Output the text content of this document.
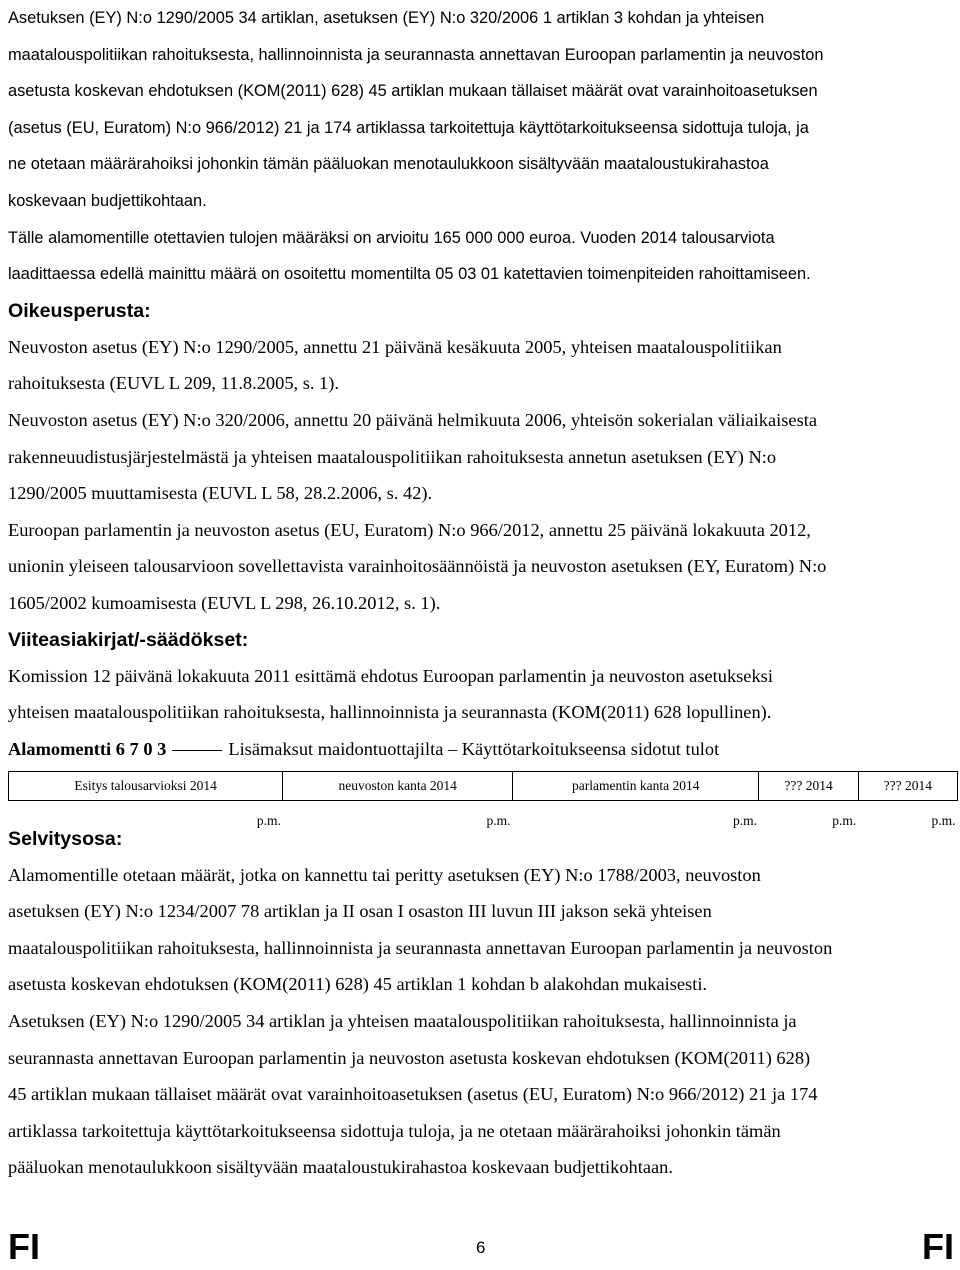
Asetuksen (EY) N:o 1290/2005 34 artiklan, asetuksen (EY) N:o 320/2006 1 artiklan 3 kohdan ja yhteisen

maatalouspolitiikan rahoituksesta, hallinnoinnista ja seurannasta annettavan Euroopan parlamentin ja neuvoston

asetusta koskevan ehdotuksen (KOM(2011) 628) 45 artiklan mukaan tällaiset määrät ovat varainhoitoasetuksen

(asetus (EU, Euratom) N:o 966/2012) 21 ja 174 artiklassa tarkoitettuja käyttötarkoitukseensa sidottuja tuloja, ja

ne otetaan määrärahoiksi johonkin tämän pääluokan menotaulukkoon sisältyvään maataloustukirahastoa

koskevaan budjettikohtaan.

Tälle alamomentille otettavien tulojen määräksi on arvioitu 165 000 000 euroa. Vuoden 2014 talousarviota

laadittaessa edellä mainittu määrä on osoitettu momentilta 05 03 01 katettavien toimenpiteiden rahoittamiseen.

Oikeusperusta:

Neuvoston asetus (EY) N:o 1290/2005, annettu 21 päivänä kesäkuuta 2005, yhteisen maatalouspolitiikan

rahoituksesta (EUVL L 209, 11.8.2005, s. 1).

Neuvoston asetus (EY) N:o 320/2006, annettu 20 päivänä helmikuuta 2006, yhteisön sokerialan väliaikaisesta

rakenneuudistusjärjestelmästä ja yhteisen maatalouspolitiikan rahoituksesta annetun asetuksen (EY) N:o

1290/2005 muuttamisesta (EUVL L 58, 28.2.2006, s. 42).

Euroopan parlamentin ja neuvoston asetus (EU, Euratom) N:o 966/2012, annettu 25 päivänä lokakuuta 2012,

unionin yleiseen talousarvioon sovellettavista varainhoitosäännöistä ja neuvoston asetuksen (EY, Euratom) N:o

1605/2002 kumoamisesta (EUVL L 298, 26.10.2012, s. 1).

Viiteasiakirjat/-säädökset:

Komission 12 päivänä lokakuuta 2011 esittämä ehdotus Euroopan parlamentin ja neuvoston asetukseksi

yhteisen maatalouspolitiikan rahoituksesta, hallinnoinnista ja seurannasta (KOM(2011) 628 lopullinen).

Alamomentti 6 7 0 3	Lisämaksut maidontuottajilta – Käyttötarkoitukseensa sidotut tulot
Esitys talousarvioksi 2014	neuvoston kanta 2014	parlamentin kanta 2014	??? 2014	??? 2014
p.m.	p.m.	p.m.	p.m.	p.m.
Selvitysosa:

Alamomentille otetaan määrät, jotka on kannettu tai peritty asetuksen (EY) N:o 1788/2003, neuvoston

asetuksen (EY) N:o 1234/2007 78 artiklan ja II osan I osaston III luvun III jakson sekä yhteisen

maatalouspolitiikan rahoituksesta, hallinnoinnista ja seurannasta annettavan Euroopan parlamentin ja neuvoston

asetusta koskevan ehdotuksen (KOM(2011) 628) 45 artiklan 1 kohdan b alakohdan mukaisesti.

Asetuksen (EY) N:o 1290/2005 34 artiklan ja yhteisen maatalouspolitiikan rahoituksesta, hallinnoinnista ja

seurannasta annettavan Euroopan parlamentin ja neuvoston asetusta koskevan ehdotuksen (KOM(2011) 628)

45 artiklan mukaan tällaiset määrät ovat varainhoitoasetuksen (asetus (EU, Euratom) N:o 966/2012) 21 ja 174

artiklassa tarkoitettuja käyttötarkoitukseensa sidottuja tuloja, ja ne otetaan määrärahoiksi johonkin tämän

pääluokan menotaulukkoon sisältyvään maataloustukirahastoa koskevaan budjettikohtaan.

FI	6	FI
